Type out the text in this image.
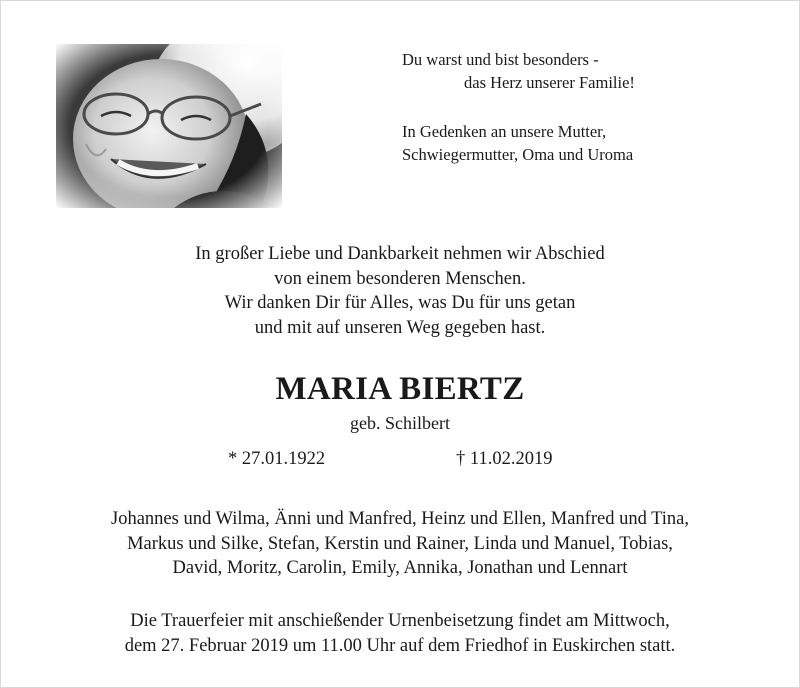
Du warst und bist besonders -
das Herz unserer Familie!

In Gedenken an unsere Mutter,
Schwiegermutter, Oma und Uroma

In großer Liebe und Dankbarkeit nehmen wir Abschied
von einem besonderen Menschen.
Wir danken Dir für Alles, was Du für uns getan
und mit auf unseren Weg gegeben hast.

MARIA BIERTZ

geb. Schilbert

* 27.01.1922	† 11.02.2019

Johannes und Wilma, Änni und Manfred, Heinz und Ellen, Manfred und Tina,
Markus und Silke, Stefan, Kerstin und Rainer, Linda und Manuel, Tobias,
David, Moritz, Carolin, Emily, Annika, Jonathan und Lennart

Die Trauerfeier mit anschießender Urnenbeisetzung findet am Mittwoch,
dem 27. Februar 2019 um 11.00 Uhr auf dem Friedhof in Euskirchen statt.
